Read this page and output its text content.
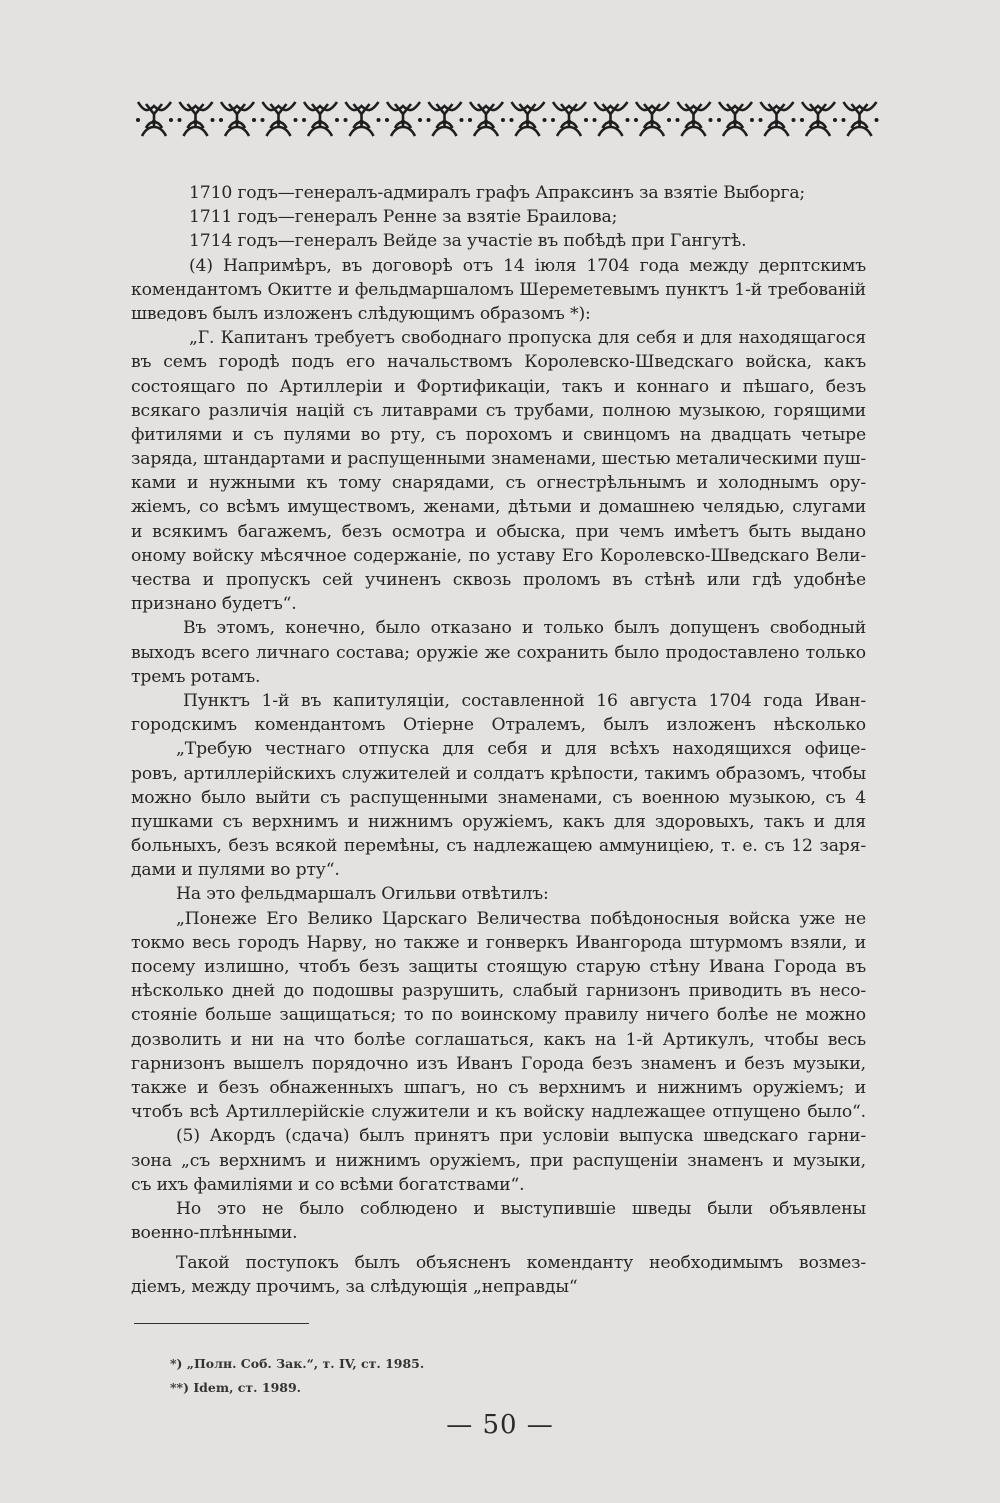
1710 годъ—генералъ-адмиралъ графъ Апраксинъ за взятіе Выборга;
1711 годъ—генералъ Ренне за взятіе Браилова;
1714 годъ—генералъ Вейде за участіе въ побѣдѣ при Гангутѣ.
(4) Напримѣръ, въ договорѣ отъ 14 іюля 1704 года между дерптскимъ
комендантомъ Окитте и фельдмаршаломъ Шереметевымъ пунктъ 1-й требованій
шведовъ былъ изложенъ слѣдующимъ образомъ *):
„Г. Капитанъ требуетъ свободнаго пропуска для себя и для находящагося
въ семъ городѣ подъ его начальствомъ Королевско-Шведскаго войска, какъ
состоящаго по Артиллеріи и Фортификаціи, такъ и коннаго и пѣшаго, безъ
всякаго различія націй съ литаврами съ трубами, полною музыкою, горящими
фитилями и съ пулями во рту, съ порохомъ и свинцомъ на двадцать четыре
заряда, штандартами и распущенными знаменами, шестью металическими пуш-
ками и нужными къ тому снарядами, съ огнестрѣльнымъ и холоднымъ ору-
жіемъ, со всѣмъ имуществомъ, женами, дѣтьми и домашнею челядью, слугами
и всякимъ багажемъ, безъ осмотра и обыска, при чемъ имѣетъ быть выдано
оному войску мѣсячное содержаніе, по уставу Его Королевско-Шведскаго Вели-
чества и пропускъ сей учиненъ сквозь проломъ въ стѣнѣ или гдѣ удобнѣе
признано будетъ“.
Въ этомъ, конечно, было отказано и только былъ допущенъ свободный
выходъ всего личнаго состава; оружіе же сохранить было продоставлено только
тремъ ротамъ.
Пунктъ 1-й въ капитуляціи, составленной 16 августа 1704 года Иван-
городскимъ комендантомъ Отіерне Отралемъ, былъ изложенъ нѣсколько
„Требую честнаго отпуска для себя и для всѣхъ находящихся офице-
ровъ, артиллерійскихъ служителей и солдатъ крѣпости, такимъ образомъ, чтобы
можно было выйти съ распущенными знаменами, съ военною музыкою, съ 4
пушками съ верхнимъ и нижнимъ оружіемъ, какъ для здоровыхъ, такъ и для
больныхъ, безъ всякой перемѣны, съ надлежащею аммуниціею, т. е. съ 12 заря-
дами и пулями во рту“.
На это фельдмаршалъ Огильви отвѣтилъ:
„Понеже Его Велико Царскаго Величества побѣдоносныя войска уже не
токмо весь городъ Нарву, но также и гонверкъ Ивангорода штурмомъ взяли, и
посему излишно, чтобъ безъ защиты стоящую старую стѣну Ивана Города въ
нѣсколько дней до подошвы разрушить, слабый гарнизонъ приводить въ несо-
стояніе больше защищаться; то по воинскому правилу ничего болѣе не можно
дозволить и ни на что болѣе соглашаться, какъ на 1-й Артикулъ, чтобы весь
гарнизонъ вышелъ порядочно изъ Иванъ Города безъ знаменъ и безъ музыки,
также и безъ обнаженныхъ шпагъ, но съ верхнимъ и нижнимъ оружіемъ; и
чтобъ всѣ Артиллерійскіе служители и къ войску надлежащее отпущено было“.
(5) Акордъ (сдача) былъ принятъ при условіи выпуска шведскаго гарни-
зона „съ верхнимъ и нижнимъ оружіемъ, при распущеніи знаменъ и музыки,
съ ихъ фамиліями и со всѣми богатствами“.
Но это не было соблюдено и выступившіе шведы были объявлены
военно-плѣнными.
Такой поступокъ былъ объясненъ коменданту необходимымъ возмез-
діемъ, между прочимъ, за слѣдующія „неправды“
*) „Полн. Соб. Зак.“, т. IV, ст. 1985.
**) Idem, ст. 1989.
— 50 —
